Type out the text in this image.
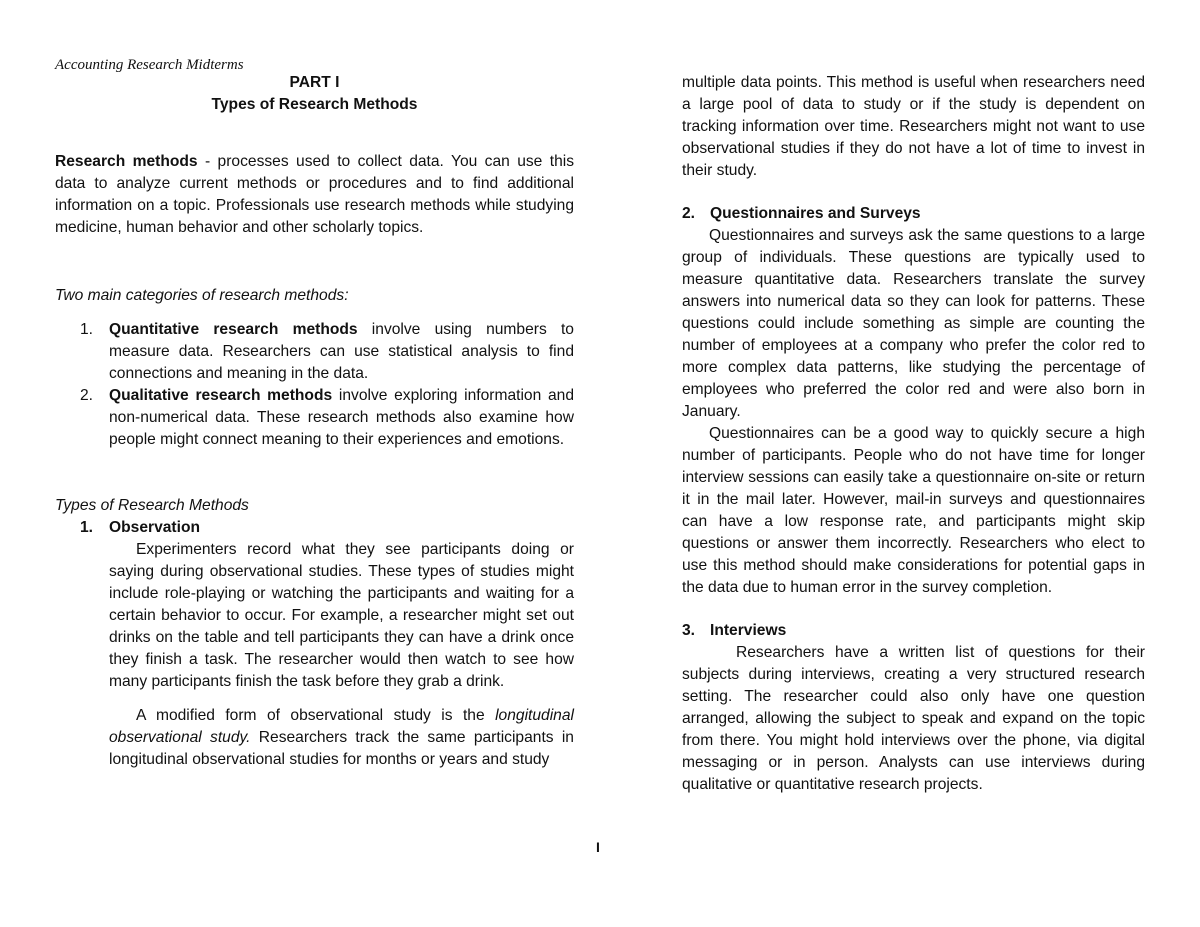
Accounting Research Midterms
PART I
Types of Research Methods

Research methods - processes used to collect data. You can use this data to analyze current methods or procedures and to find additional information on a topic. Professionals use research methods while studying medicine, human behavior and other scholarly topics.

Two main categories of research methods:

1. Quantitative research methods involve using numbers to measure data. Researchers can use statistical analysis to find connections and meaning in the data.
2. Qualitative research methods involve exploring information and non-numerical data. These research methods also examine how people might connect meaning to their experiences and emotions.

Types of Research Methods

1. Observation

Experimenters record what they see participants doing or saying during observational studies. These types of studies might include role-playing or watching the participants and waiting for a certain behavior to occur. For example, a researcher might set out drinks on the table and tell participants they can have a drink once they finish a task. The researcher would then watch to see how many participants finish the task before they grab a drink.

A modified form of observational study is the longitudinal observational study. Researchers track the same participants in longitudinal observational studies for months or years and study

multiple data points. This method is useful when researchers need a large pool of data to study or if the study is dependent on tracking information over time. Researchers might not want to use observational studies if they do not have a lot of time to invest in their study.

2. Questionnaires and Surveys

Questionnaires and surveys ask the same questions to a large group of individuals. These questions are typically used to measure quantitative data. Researchers translate the survey answers into numerical data so they can look for patterns. These questions could include something as simple are counting the number of employees at a company who prefer the color red to more complex data patterns, like studying the percentage of employees who preferred the color red and were also born in January.

Questionnaires can be a good way to quickly secure a high number of participants. People who do not have time for longer interview sessions can easily take a questionnaire on-site or return it in the mail later. However, mail-in surveys and questionnaires can have a low response rate, and participants might skip questions or answer them incorrectly. Researchers who elect to use this method should make considerations for potential gaps in the data due to human error in the survey completion.

3. Interviews

Researchers have a written list of questions for their subjects during interviews, creating a very structured research setting. The researcher could also only have one question arranged, allowing the subject to speak and expand on the topic from there. You might hold interviews over the phone, via digital messaging or in person. Analysts can use interviews during qualitative or quantitative research projects.

I
